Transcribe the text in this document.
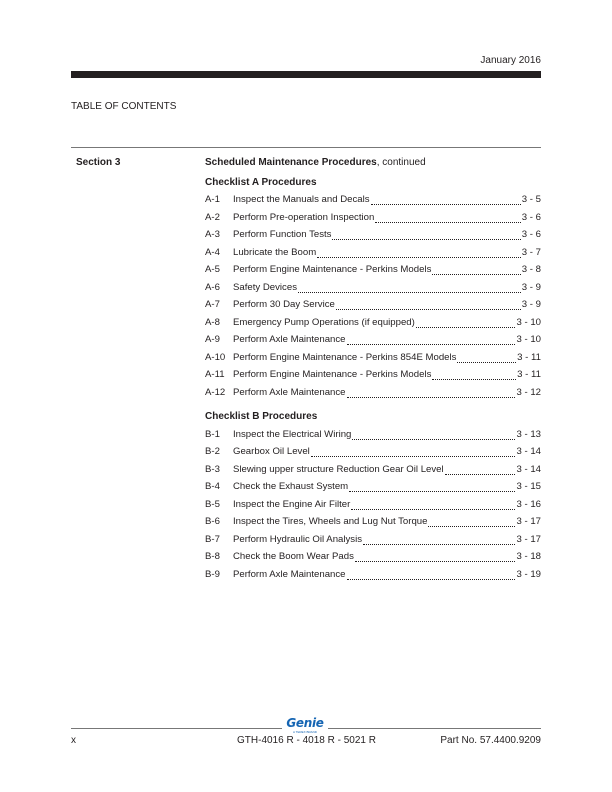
January 2016
TABLE OF CONTENTS
Section 3	Scheduled Maintenance Procedures, continued
Checklist A Procedures
Checklist B Procedures
A-1	Inspect the Manuals and Decals	3 - 5
A-2	Perform Pre-operation Inspection	3 - 6
A-3	Perform Function Tests	3 - 6
A-4	Lubricate the Boom	3 - 7
A-5	Perform Engine Maintenance - Perkins Models	3 - 8
A-6	Safety Devices	3 - 9
A-7	Perform 30 Day Service	3 - 9
A-8	Emergency Pump Operations (if equipped)	3 - 10
A-9	Perform Axle Maintenance	3 - 10
A-10 Perform Engine Maintenance - Perkins 854E Models	3 - 11
A-11 Perform Engine Maintenance - Perkins Models	3 - 11
A-12 Perform Axle Maintenance	3 - 12
B-1	Inspect the Electrical Wiring	3 - 13
B-2	Gearbox Oil Level	3 - 14
B-3	Slewing upper structure Reduction Gear Oil Level	3 - 14
B-4	Check the Exhaust System	3 - 15
B-5	Inspect the Engine Air Filter	3 - 16
B-6	Inspect the Tires, Wheels and Lug Nut Torque	3 - 17
B-7	Perform Hydraulic Oil Analysis	3 - 17
B-8	Check the Boom Wear Pads	3 - 18
B-9	Perform Axle Maintenance	3 - 19
Genie
A TEREX BRAND
x	GTH-4016 R - 4018 R - 5021 R	Part No. 57.4400.9209
